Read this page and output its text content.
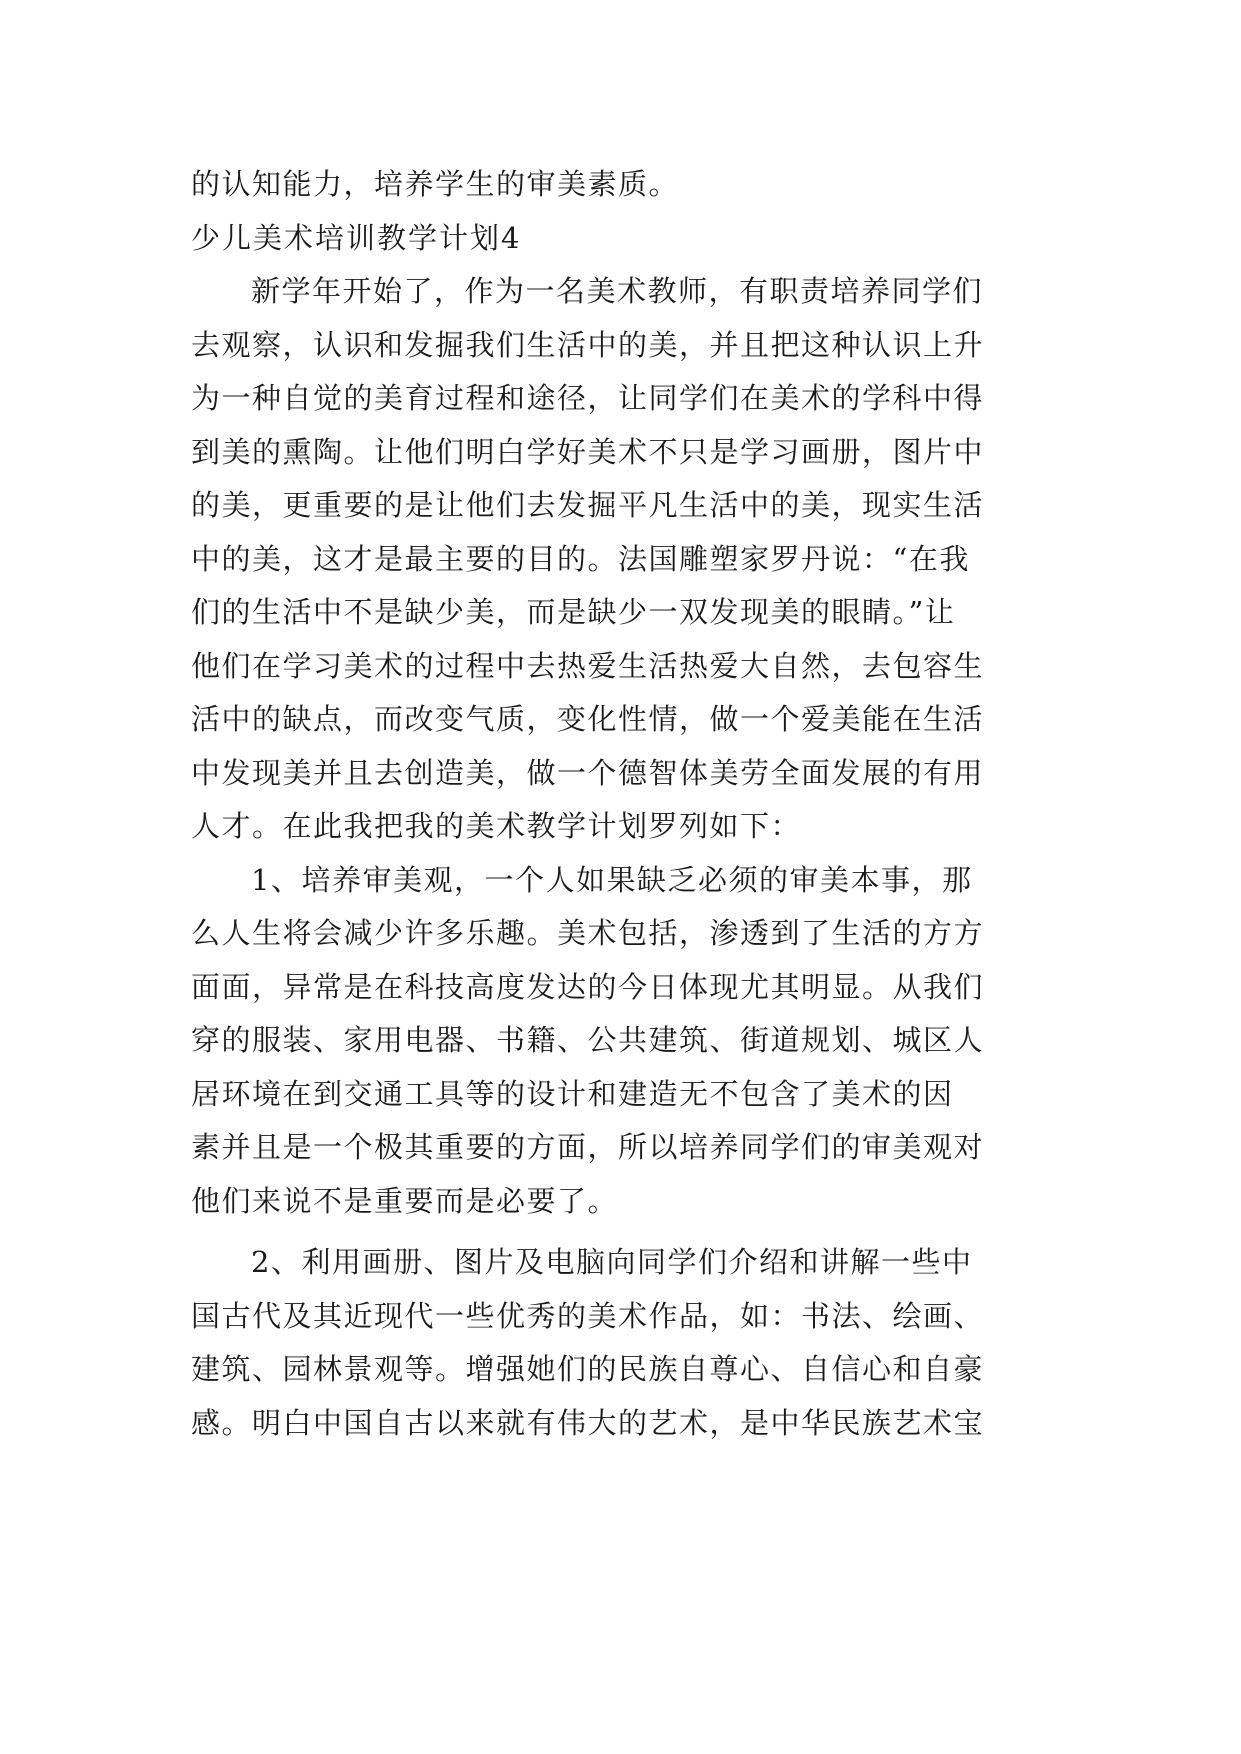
的认知能力，培养学生的审美素质。
少儿美术培训教学计划4
新学年开始了，作为一名美术教师，有职责培养同学们
去观察，认识和发掘我们生活中的美，并且把这种认识上升
为一种自觉的美育过程和途径，让同学们在美术的学科中得
到美的熏陶。让他们明白学好美术不只是学习画册，图片中
的美，更重要的是让他们去发掘平凡生活中的美，现实生活
中的美，这才是最主要的目的。法国雕塑家罗丹说：“在我
们的生活中不是缺少美，而是缺少一双发现美的眼睛。”让
他们在学习美术的过程中去热爱生活热爱大自然，去包容生
活中的缺点，而改变气质，变化性情，做一个爱美能在生活
中发现美并且去创造美，做一个德智体美劳全面发展的有用
人才。在此我把我的美术教学计划罗列如下：
1、培养审美观，一个人如果缺乏必须的审美本事，那
么人生将会减少许多乐趣。美术包括，渗透到了生活的方方
面面，异常是在科技高度发达的今日体现尤其明显。从我们
穿的服装、家用电器、书籍、公共建筑、街道规划、城区人
居环境在到交通工具等的设计和建造无不包含了美术的因
素并且是一个极其重要的方面，所以培养同学们的审美观对
他们来说不是重要而是必要了。
2、利用画册、图片及电脑向同学们介绍和讲解一些中
国古代及其近现代一些优秀的美术作品，如：书法、绘画、
建筑、园林景观等。增强她们的民族自尊心、自信心和自豪
感。明白中国自古以来就有伟大的艺术，是中华民族艺术宝
